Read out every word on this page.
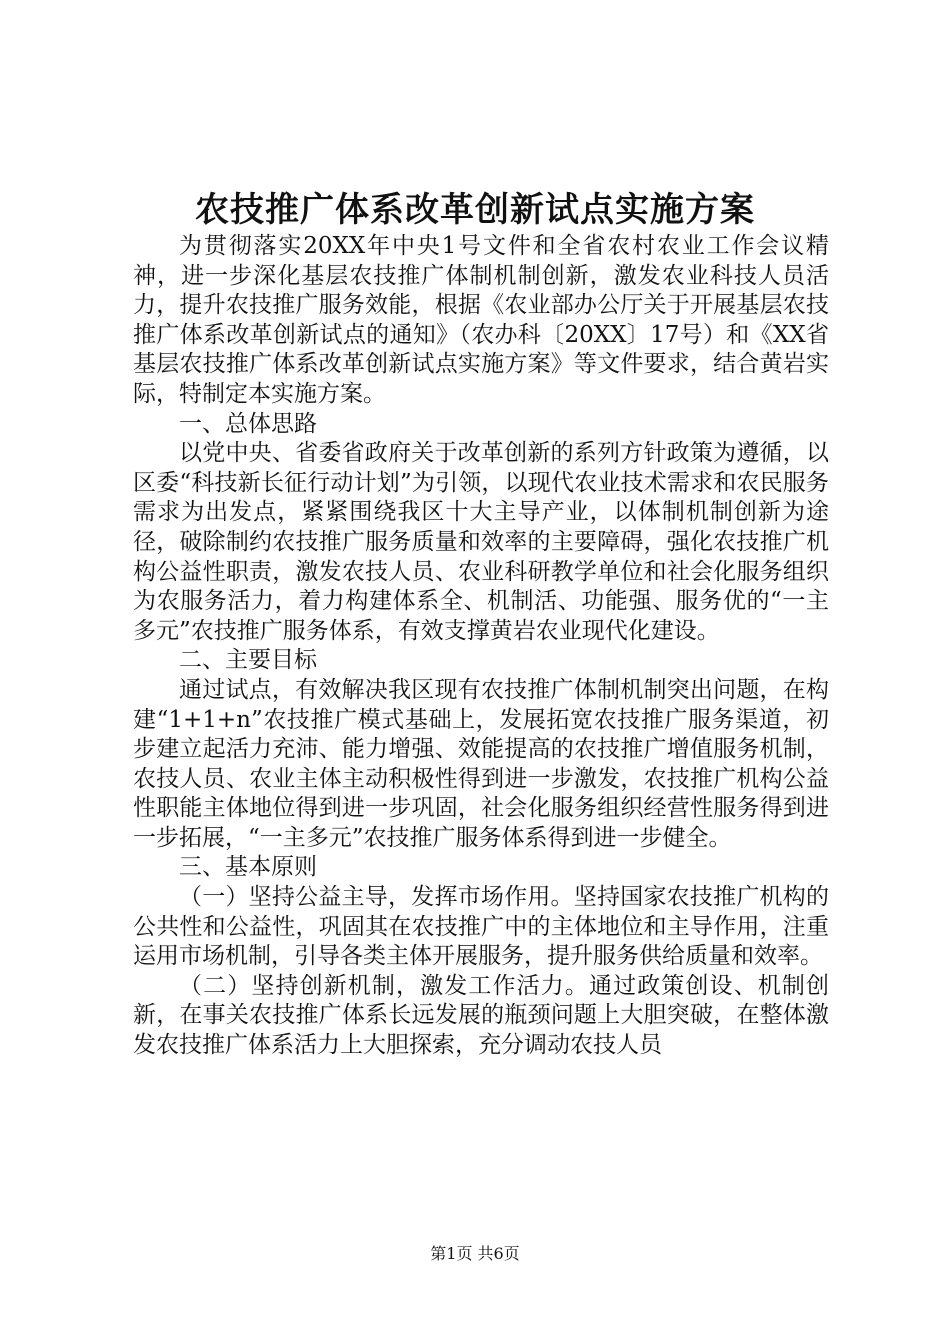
农技推广体系改革创新试点实施方案

为贯彻落实20XX年中央1号文件和全省农村农业工作会议精神，进一步深化基层农技推广体制机制创新，激发农业科技人员活力，提升农技推广服务效能，根据《农业部办公厅关于开展基层农技推广体系改革创新试点的通知》（农办科〔20XX〕17号）和《XX省基层农技推广体系改革创新试点实施方案》等文件要求，结合黄岩实际，特制定本实施方案。

一、总体思路

以党中央、省委省政府关于改革创新的系列方针政策为遵循，以区委“科技新长征行动计划”为引领，以现代农业技术需求和农民服务需求为出发点，紧紧围绕我区十大主导产业，以体制机制创新为途径，破除制约农技推广服务质量和效率的主要障碍，强化农技推广机构公益性职责，激发农技人员、农业科研教学单位和社会化服务组织为农服务活力，着力构建体系全、机制活、功能强、服务优的“一主多元”农技推广服务体系，有效支撑黄岩农业现代化建设。

二、主要目标

通过试点，有效解决我区现有农技推广体制机制突出问题，在构建“1+1+n”农技推广模式基础上，发展拓宽农技推广服务渠道，初步建立起活力充沛、能力增强、效能提高的农技推广增值服务机制，农技人员、农业主体主动积极性得到进一步激发，农技推广机构公益性职能主体地位得到进一步巩固，社会化服务组织经营性服务得到进一步拓展，“一主多元”农技推广服务体系得到进一步健全。

三、基本原则

（一）坚持公益主导，发挥市场作用。坚持国家农技推广机构的公共性和公益性，巩固其在农技推广中的主体地位和主导作用，注重运用市场机制，引导各类主体开展服务，提升服务供给质量和效率。

（二）坚持创新机制，激发工作活力。通过政策创设、机制创新，在事关农技推广体系长远发展的瓶颈问题上大胆突破，在整体激发农技推广体系活力上大胆探索，充分调动农技人员

第1页 共6页
